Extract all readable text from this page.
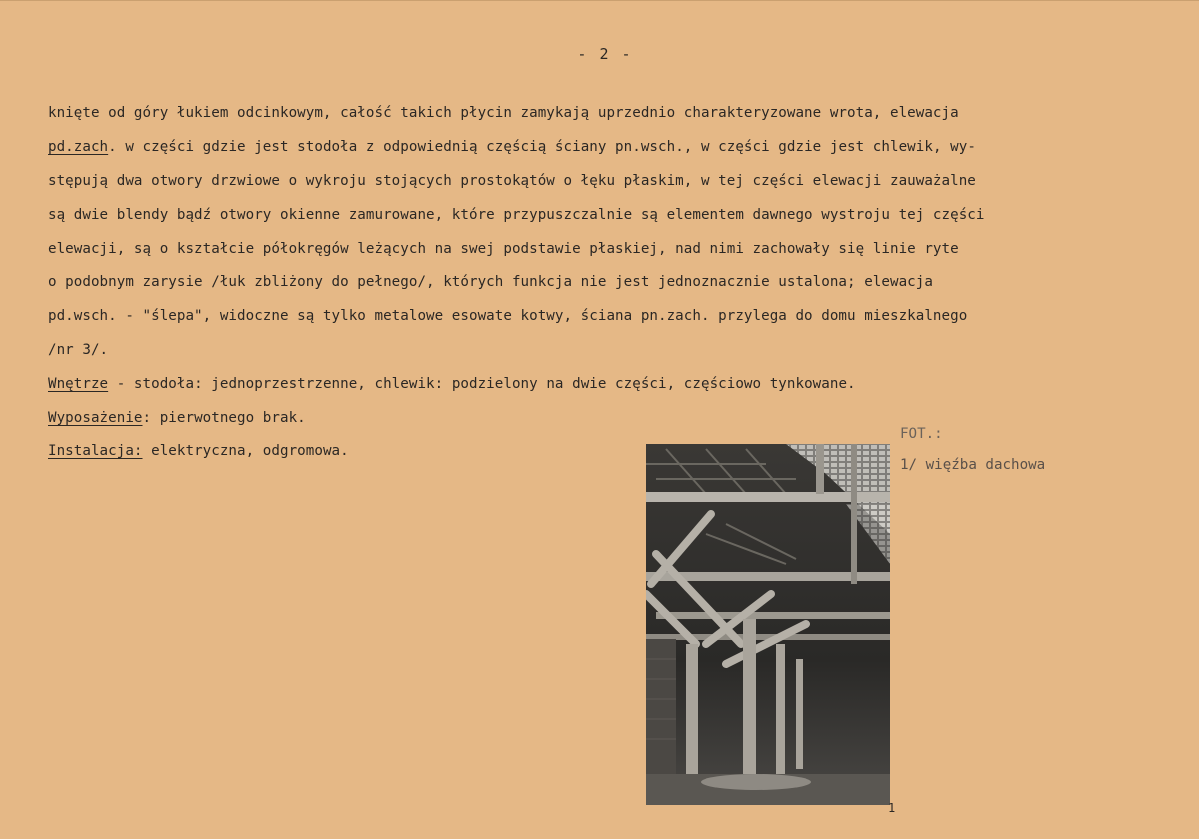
- 2 -
knięte od góry łukiem odcinkowym, całość takich płycin zamykają uprzednio charakteryzowane wrota, elewacja
pd.zach. w części gdzie jest stodoła z odpowiednią częścią ściany pn.wsch., w części gdzie jest chlewik, wy-
stępują dwa otwory drzwiowe o wykroju stojących prostokątów o łęku płaskim, w tej części elewacji zauważalne
są dwie blendy bądź otwory okienne zamurowane, które przypuszczalnie są elementem dawnego wystroju tej części
elewacji, są o kształcie półokręgów leżących na swej podstawie płaskiej, nad nimi zachowały się linie ryte
o podobnym zarysie /łuk zbliżony do pełnego/, których funkcja nie jest jednoznacznie ustalona; elewacja
pd.wsch. - "ślepa", widoczne są tylko metalowe esowate kotwy, ściana pn.zach. przylega do domu mieszkalnego
/nr 3/.
Wnętrze - stodoła: jednoprzestrzenne, chlewik: podzielony na dwie części, częściowo tynkowane.
Wyposażenie: pierwotnego brak.
Instalacja: elektryczna, odgromowa.
FOT.:
1/ więźba dachowa
1
